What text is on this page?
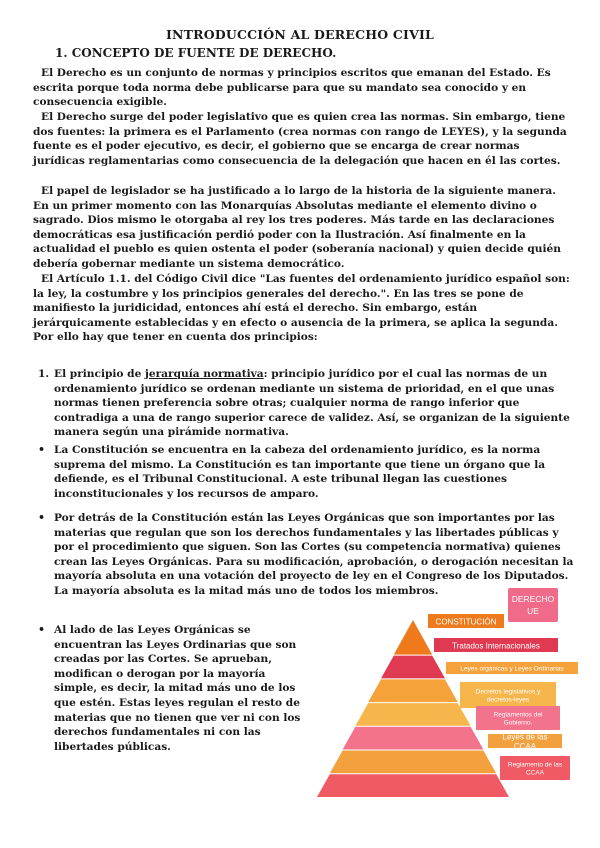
INTRODUCCIÓN AL DERECHO CIVIL
1. CONCEPTO DE FUENTE DE DERECHO.

El Derecho es un conjunto de normas y principios escritos que emanan del Estado. Es escrita porque toda norma debe publicarse para que su mandato sea conocido y en consecuencia exigible.

El Derecho surge del poder legislativo que es quien crea las normas. Sin embargo, tiene dos fuentes: la primera es el Parlamento (crea normas con rango de LEYES), y la segunda fuente es el poder ejecutivo, es decir, el gobierno que se encarga de crear normas jurídicas reglamentarias como consecuencia de la delegación que hacen en él las cortes.

El papel de legislador se ha justificado a lo largo de la historia de la siguiente manera. En un primer momento con las Monarquías Absolutas mediante el elemento divino o sagrado. Dios mismo le otorgaba al rey los tres poderes. Más tarde en las declaraciones democráticas esa justificación perdió poder con la Ilustración. Así finalmente en la actualidad el pueblo es quien ostenta el poder (soberanía nacional) y quien decide quién debería gobernar mediante un sistema democrático.

El Artículo 1.1. del Código Civil dice "Las fuentes del ordenamiento jurídico español son: la ley, la costumbre y los principios generales del derecho.". En las tres se pone de manifiesto la juridicidad, entonces ahí está el derecho. Sin embargo, están jerárquicamente establecidas y en efecto o ausencia de la primera, se aplica la segunda. Por ello hay que tener en cuenta dos principios:

1. El principio de jerarquía normativa: principio jurídico por el cual las normas de un ordenamiento jurídico se ordenan mediante un sistema de prioridad, en el que unas normas tienen preferencia sobre otras; cualquier norma de rango inferior que contradiga a una de rango superior carece de validez. Así, se organizan de la siguiente manera según una pirámide normativa.

• La Constitución se encuentra en la cabeza del ordenamiento jurídico, es la norma suprema del mismo. La Constitución es tan importante que tiene un órgano que la defiende, es el Tribunal Constitucional. A este tribunal llegan las cuestiones inconstitucionales y los recursos de amparo.

• Por detrás de la Constitución están las Leyes Orgánicas que son importantes por las materias que regulan que son los derechos fundamentales y las libertades públicas y por el procedimiento que siguen. Son las Cortes (su competencia normativa) quienes crean las Leyes Orgánicas. Para su modificación, aprobación, o derogación necesitan la mayoría absoluta en una votación del proyecto de ley en el Congreso de los Diputados. La mayoría absoluta es la mitad más uno de todos los miembros.

• Al lado de las Leyes Orgánicas se encuentran las Leyes Ordinarias que son creadas por las Cortes. Se aprueban, modifican o derogan por la mayoría simple, es decir, la mitad más uno de los que estén. Estas leyes regulan el resto de materias que no tienen que ver ni con los derechos fundamentales ni con las libertades públicas.

DERECHO
UE
CONSTITUCIÓN
Tratados Internacionales
Leyes orgánicas y Leyes Ordinarias
Decretos legislativos y
decretos-leyes
Reglamentos del
Gobierno.
Leyes de las
CCAA
Reglamento de las
CCAA
